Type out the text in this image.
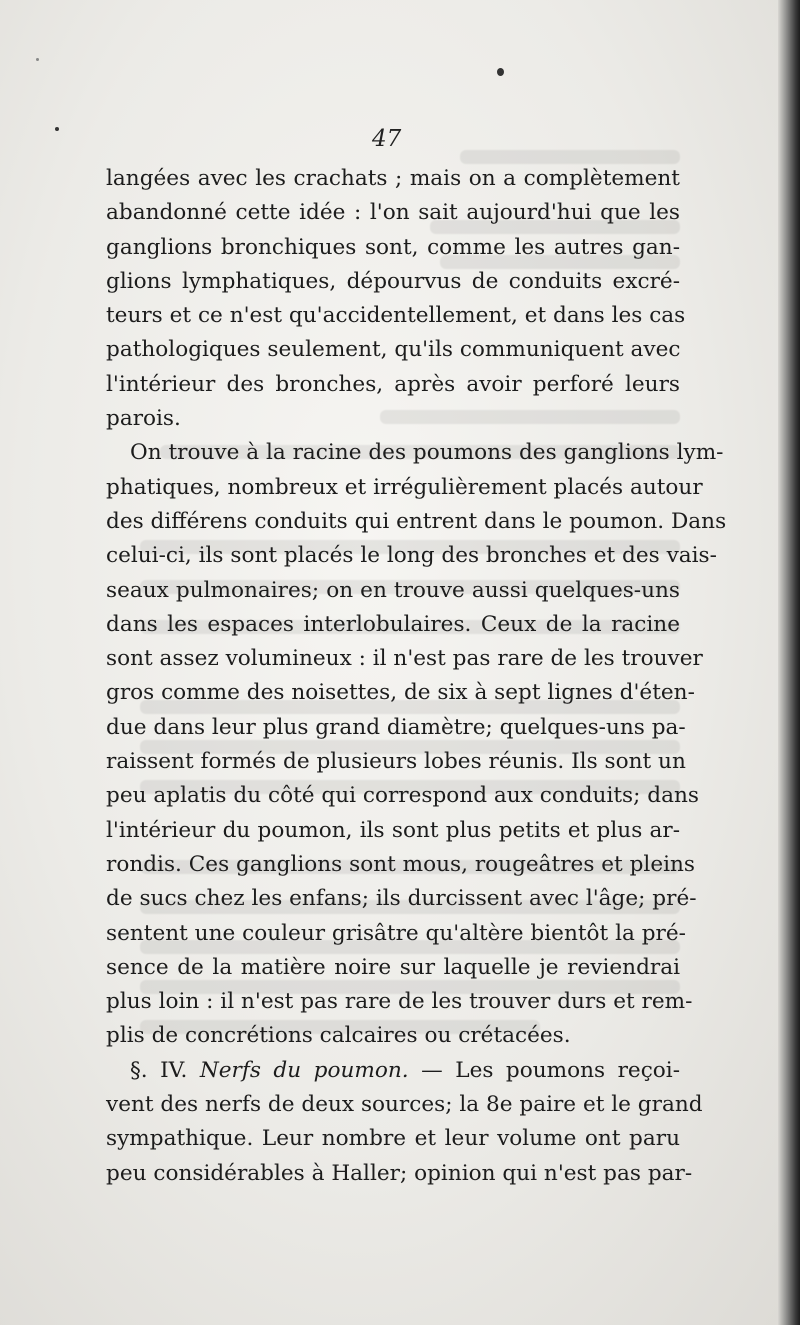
47
langées avec les crachats ; mais on a complètement
abandonné cette idée : l'on sait aujourd'hui que les
ganglions bronchiques sont, comme les autres gan-
glions lymphatiques, dépourvus de conduits excré-
teurs et ce n'est qu'accidentellement, et dans les cas
pathologiques seulement, qu'ils communiquent avec
l'intérieur des bronches, après avoir perforé leurs
parois.
On trouve à la racine des poumons des ganglions lym-
phatiques, nombreux et irrégulièrement placés autour
des différens conduits qui entrent dans le poumon. Dans
celui-ci, ils sont placés le long des bronches et des vais-
seaux pulmonaires; on en trouve aussi quelques-uns
dans les espaces interlobulaires. Ceux de la racine
sont assez volumineux : il n'est pas rare de les trouver
gros comme des noisettes, de six à sept lignes d'éten-
due dans leur plus grand diamètre; quelques-uns pa-
raissent formés de plusieurs lobes réunis. Ils sont un
peu aplatis du côté qui correspond aux conduits; dans
l'intérieur du poumon, ils sont plus petits et plus ar-
rondis. Ces ganglions sont mous, rougeâtres et pleins
de sucs chez les enfans; ils durcissent avec l'âge; pré-
sentent une couleur grisâtre qu'altère bientôt la pré-
sence de la matière noire sur laquelle je reviendrai
plus loin : il n'est pas rare de les trouver durs et rem-
plis de concrétions calcaires ou crétacées.
§. IV. Nerfs du poumon. — Les poumons reçoi-
vent des nerfs de deux sources; la 8e paire et le grand
sympathique. Leur nombre et leur volume ont paru
peu considérables à Haller; opinion qui n'est pas par-
